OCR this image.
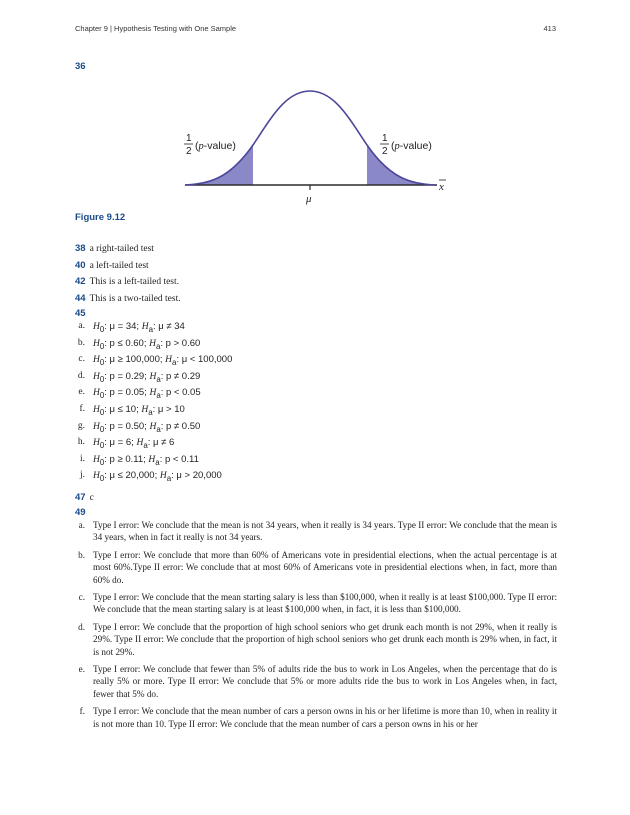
Chapter 9 | Hypothesis Testing with One Sample	413
36
1
2 (p-value)
1
2 (p-value)
μ
x
Figure 9.12
38 a right-tailed test
40 a left-tailed test
42 This is a left-tailed test.
44 This is a two-tailed test.
45
a. $H_0$: μ = 34; $H_a$: μ ≠ 34
b. $H_0$: p ≤ 0.60; $H_a$: p > 0.60
c. $H_0$: μ ≥ 100,000; $H_a$: μ < 100,000
d. $H_0$: p = 0.29; $H_a$: p ≠ 0.29
e. $H_0$: p = 0.05; $H_a$: p < 0.05
f. $H_0$: μ ≤ 10; $H_a$: μ > 10
g. $H_0$: p = 0.50; $H_a$: p ≠ 0.50
h. $H_0$: μ = 6; $H_a$: μ ≠ 6
i. $H_0$: p ≥ 0.11; $H_a$: p < 0.11
j. $H_0$: μ ≤ 20,000; $H_a$: μ > 20,000
47 c
49
a. Type I error: We conclude that the mean is not 34 years, when it really is 34 years. Type II error: We conclude that the mean is 34 years, when in fact it really is not 34 years.
b. Type I error: We conclude that more than 60% of Americans vote in presidential elections, when the actual percentage is at most 60%.Type II error: We conclude that at most 60% of Americans vote in presidential elections when, in fact, more than 60% do.
c. Type I error: We conclude that the mean starting salary is less than $100,000, when it really is at least $100,000. Type II error: We conclude that the mean starting salary is at least $100,000 when, in fact, it is less than $100,000.
d. Type I error: We conclude that the proportion of high school seniors who get drunk each month is not 29%, when it really is 29%. Type II error: We conclude that the proportion of high school seniors who get drunk each month is 29% when, in fact, it is not 29%.
e. Type I error: We conclude that fewer than 5% of adults ride the bus to work in Los Angeles, when the percentage that do is really 5% or more. Type II error: We conclude that 5% or more adults ride the bus to work in Los Angeles when, in fact, fewer that 5% do.
f. Type I error: We conclude that the mean number of cars a person owns in his or her lifetime is more than 10, when in reality it is not more than 10. Type II error: We conclude that the mean number of cars a person owns in his or her
